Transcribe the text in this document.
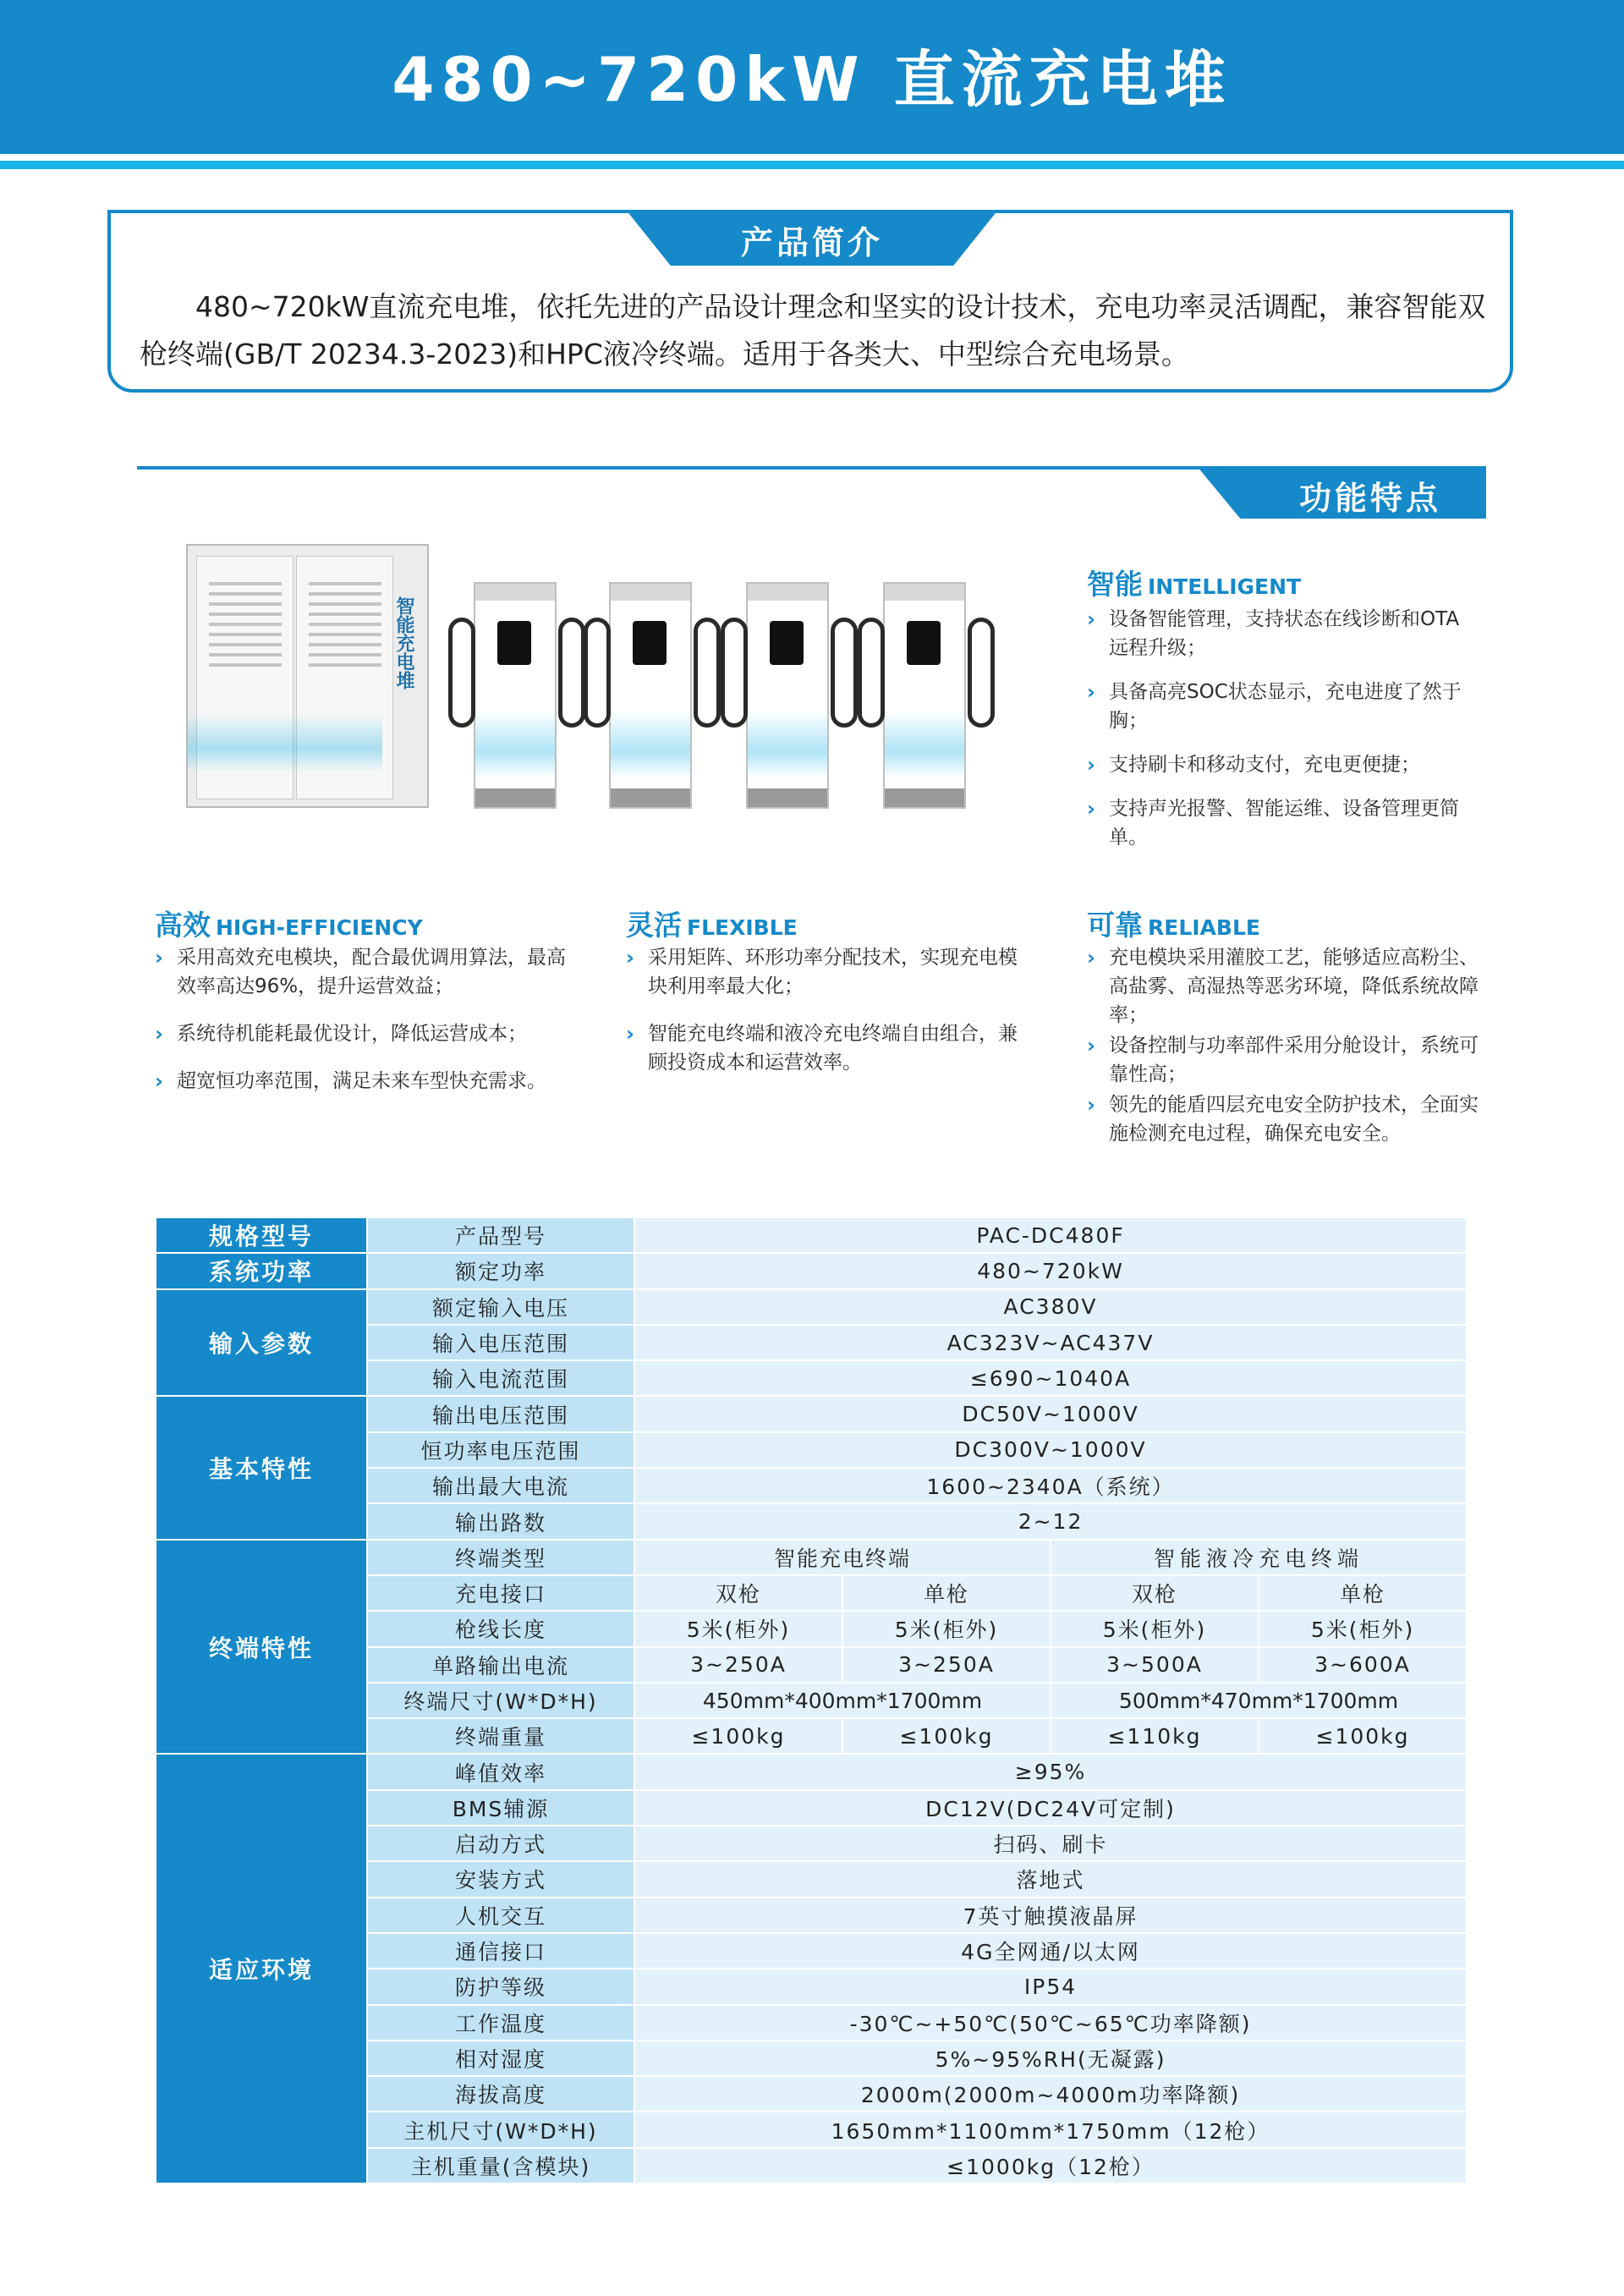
480~720kW 直流充电堆
产品简介
480~720kW直流充电堆，依托先进的产品设计理念和坚实的设计技术，充电功率灵活调配，兼容智能双枪终端(GB/T 20234.3-2023)和HPC液冷终端。适用于各类大、中型综合充电场景。
功能特点
智能充电堆
智能 INTELLIGENT
› 设备智能管理，支持状态在线诊断和OTA远程升级；
› 具备高亮SOC状态显示，充电进度了然于胸；
› 支持刷卡和移动支付，充电更便捷；
› 支持声光报警、智能运维、设备管理更简单。
高效 HIGH-EFFICIENCY
› 采用高效充电模块，配合最优调用算法，最高效率高达96%，提升运营效益；
› 系统待机能耗最优设计，降低运营成本；
› 超宽恒功率范围，满足未来车型快充需求。
灵活 FLEXIBLE
› 采用矩阵、环形功率分配技术，实现充电模块利用率最大化；
› 智能充电终端和液冷充电终端自由组合，兼顾投资成本和运营效率。
可靠 RELIABLE
› 充电模块采用灌胶工艺，能够适应高粉尘、高盐雾、高湿热等恶劣环境，降低系统故障率；
› 设备控制与功率部件采用分舱设计，系统可靠性高；
› 领先的能盾四层充电安全防护技术，全面实施检测充电过程，确保充电安全。
规格型号	产品型号	PAC-DC480F			
系统功率	额定功率	480~720kW			
输入参数	额定输入电压	AC380V			
	输入电压范围	AC323V~AC437V			
	输入电流范围	≤690~1040A			
基本特性	输出电压范围	DC50V~1000V			
	恒功率电压范围	DC300V~1000V			
	输出最大电流	1600~2340A（系统）			
	输出路数	2~12			
终端特性	终端类型	智能充电终端		智能液冷充电终端	
	充电接口	双枪	单枪	双枪	单枪
	枪线长度	5米(柜外)	5米(柜外)	5米(柜外)	5米(柜外)
	单路输出电流	3~250A	3~250A	3~500A	3~600A
	终端尺寸(W*D*H)	450mm*400mm*1700mm		500mm*470mm*1700mm	
	终端重量	≤100kg	≤100kg	≤110kg	≤100kg
适应环境	峰值效率	≥95%			
	BMS辅源	DC12V(DC24V可定制)			
	启动方式	扫码、刷卡			
	安装方式	落地式			
	人机交互	7英寸触摸液晶屏			
	通信接口	4G全网通/以太网			
	防护等级	IP54			
	工作温度	-30℃~+50℃(50℃~65℃功率降额)			
	相对湿度	5%~95%RH(无凝露)			
	海拔高度	2000m(2000m~4000m功率降额)			
	主机尺寸(W*D*H)	1650mm*1100mm*1750mm（12枪）			
	主机重量(含模块)	≤1000kg（12枪）			
